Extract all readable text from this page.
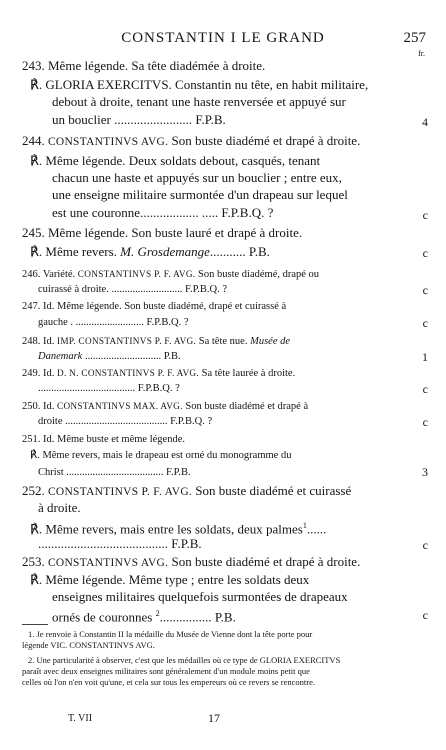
CONSTANTIN I LE GRAND	257
fr.
243. Même légende. Sa tête diadémée à droite.
℟. GLORIA EXERCITVS. Constantin nu tête, en habit militaire,
debout à droite, tenant une haste renversée et appuyé sur
un bouclier ........................ F.P.B.	4
244. CONSTANTINVS AVG. Son buste diadémé et drapé à droite.
℟. Même légende. Deux soldats debout, casqués, tenant
chacun une haste et appuyés sur un bouclier ; entre eux,
une enseigne militaire surmontée d'un drapeau sur lequel
est une couronne.................. ..... F.P.B.Q. ?	c
245. Même légende. Son buste lauré et drapé à droite.
℟. Même revers. M. Grosdemange........... P.B.	c
246. Variété. CONSTANTINVS P. F. AVG. Son buste diadémé, drapé ou
cuirassé à droite. ........................... F.P.B.Q. ?	c
247. Id. Même légende. Son buste diadémé, drapé et cuirassé à
gauche . .......................... F.P.B.Q. ?	c
248. Id. IMP. CONSTANTINVS P. F. AVG. Sa tête nue. Musée de
Danemark ............................. P.B.	1
249. Id. D. N. CONSTANTINVS P. F. AVG. Sa tête laurée à droite.
..................................... F.P.B.Q. ?	c
250. Id. CONSTANTINVS MAX. AVG. Son buste diadémé et drapé à
droite ....................................... F.P.B.Q. ?	c
251. Id. Même buste et même légende.
℟. Même revers, mais le drapeau est orné du monogramme du
Christ ..................................... F.P.B.	3
252. CONSTANTINVS P. F. AVG. Son buste diadémé et cuirassé
à droite.
℟. Même revers, mais entre les soldats, deux palmes$^1$......
........................................ F.P.B.	c
253. CONSTANTINVS AVG. Son buste diadémé et drapé à droite.
℟. Même légende. Même type ; entre les soldats deux
enseignes militaires quelquefois surmontées de drapeaux
ornés de couronnes $^2$................ P.B.	c
1. Je renvoie à Constantin II la médaille du Musée de Vienne dont la tête porte pour
légende VIC. CONSTANTINVS AVG.
2. Une particularité à observer, c'est que les médailles où ce type de GLORIA EXERCITVS
paraît avec deux enseignes militaires sont généralement d'un module moins petit que
celles où l'on n'en voit qu'une, et cela sur tous les empereurs où ce revers se rencontre.
T. VII	17
